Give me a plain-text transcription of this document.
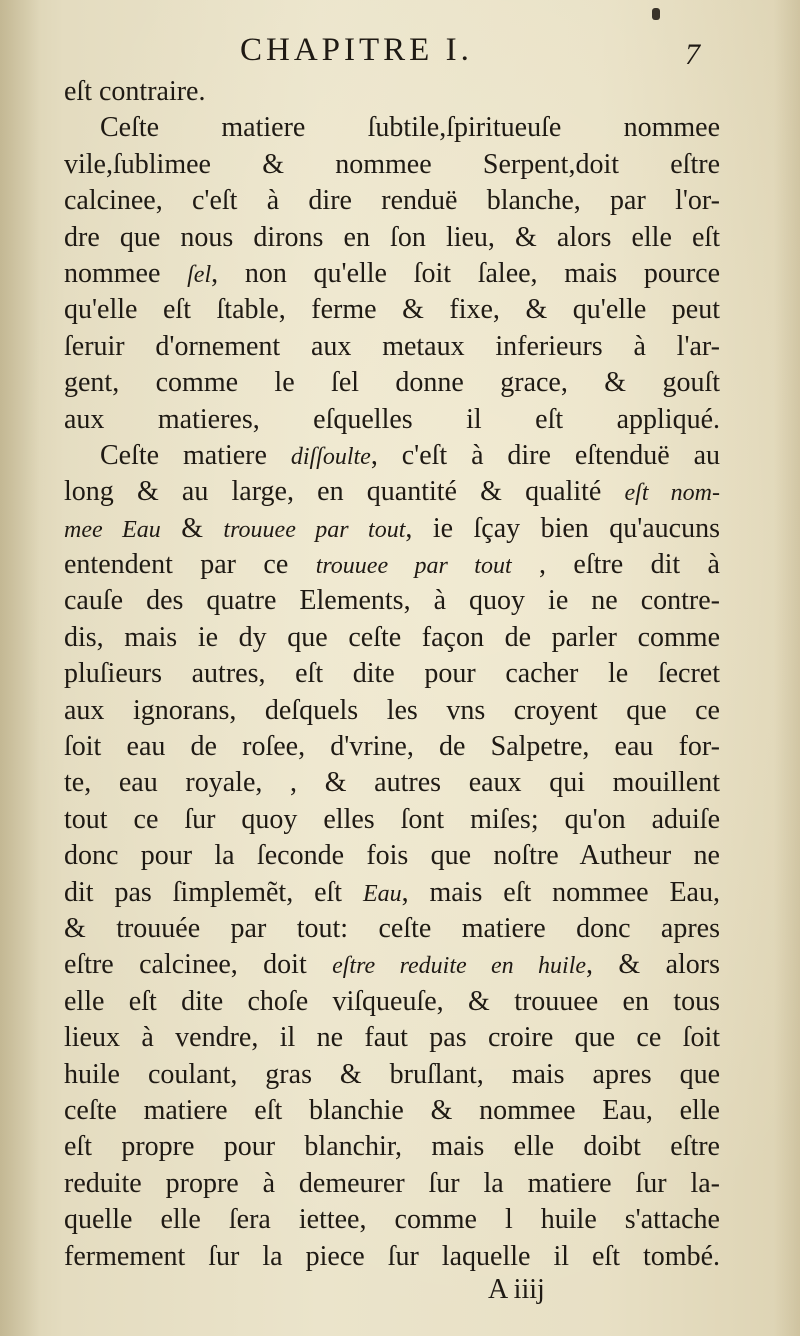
CHAPITRE I.	7
eſt contraire.
Ceſte matiere ſubtile,ſpiritueuſe nommee
vile,ſublimee & nommee Serpent,doit eſtre
calcinee, c'eſt à dire renduë blanche, par l'or-
dre que nous dirons en ſon lieu, & alors elle eſt
nommee ſel, non qu'elle ſoit ſalee, mais pource
qu'elle eſt ſtable, ferme & fixe, & qu'elle peut
ſeruir d'ornement aux metaux inferieurs à l'ar-
gent, comme le ſel donne grace, & gouſt
aux matieres, eſquelles il eſt appliqué.
Ceſte matiere diſſoulte, c'eſt à dire eſtenduë au
long & au large, en quantité & qualité eſt nom-
mee Eau & trouuee par tout, ie ſçay bien qu'aucuns
entendent par ce trouuee par tout , eſtre dit à
cauſe des quatre Elements, à quoy ie ne contre-
dis, mais ie dy que ceſte façon de parler comme
pluſieurs autres, eſt dite pour cacher le ſecret
aux ignorans, deſquels les vns croyent que ce
ſoit eau de roſee, d'vrine, de Salpetre, eau for-
te, eau royale, , & autres eaux qui mouillent
tout ce ſur quoy elles ſont miſes; qu'on aduiſe
donc pour la ſeconde fois que noſtre Autheur ne
dit pas ſimplemẽt, eſt Eau, mais eſt nommee Eau,
& trouuée par tout: ceſte matiere donc apres
eſtre calcinee, doit eſtre reduite en huile, & alors
elle eſt dite choſe viſqueuſe, & trouuee en tous
lieux à vendre, il ne faut pas croire que ce ſoit
huile coulant, gras & bruſlant, mais apres que
ceſte matiere eſt blanchie & nommee Eau, elle
eſt propre pour blanchir, mais elle doibt eſtre
reduite propre à demeurer ſur la matiere ſur la-
quelle elle ſera iettee, comme l huile s'attache
fermement ſur la piece ſur laquelle il eſt tombé.
A iiij
